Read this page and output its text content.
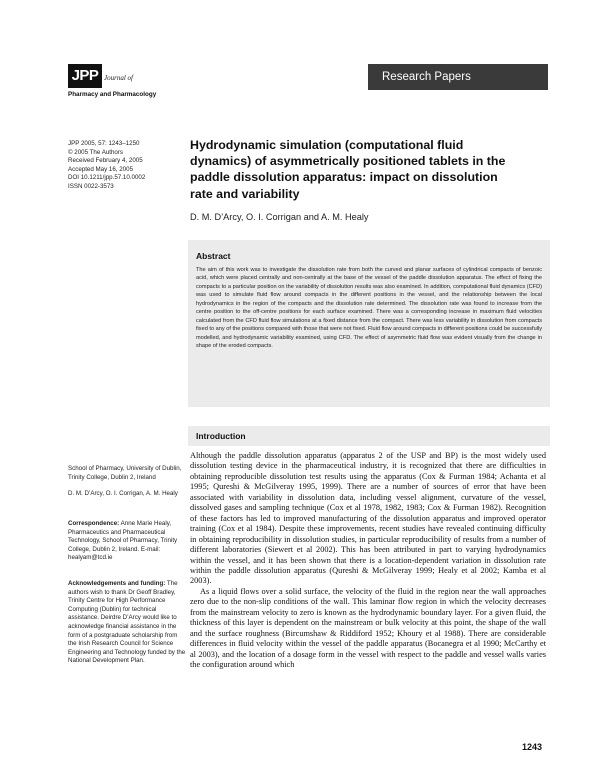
JPP Journal of
Pharmacy and Pharmacology
Research Papers
JPP 2005, 57: 1243–1250
© 2005 The Authors
Received February 4, 2005
Accepted May 16, 2005
DOI 10.1211/jpp.57.10.0002
ISSN 0022-3573
Hydrodynamic simulation (computational fluid dynamics) of asymmetrically positioned tablets in the paddle dissolution apparatus: impact on dissolution rate and variability
D. M. D’Arcy, O. I. Corrigan and A. M. Healy
Abstract
The aim of this work was to investigate the dissolution rate from both the curved and planar surfaces of cylindrical compacts of benzoic acid, which were placed centrally and non-centrally at the base of the vessel of the paddle dissolution apparatus. The effect of fixing the compacts to a particular position on the variability of dissolution results was also examined. In addition, computational fluid dynamics (CFD) was used to simulate fluid flow around compacts in the different positions in the vessel, and the relationship between the local hydrodynamics in the region of the compacts and the dissolution rate determined. The dissolution rate was found to increase from the centre position to the off-centre positions for each surface examined. There was a corresponding increase in maximum fluid velocities calculated from the CFD fluid flow simulations at a fixed distance from the compact. There was less variability in dissolution from compacts fixed to any of the positions compared with those that were not fixed. Fluid flow around compacts in different positions could be successfully modelled, and hydrodynamic variability examined, using CFD. The effect of asymmetric fluid flow was evident visually from the change in shape of the eroded compacts.
Introduction

Although the paddle dissolution apparatus (apparatus 2 of the USP and BP) is the most widely used dissolution testing device in the pharmaceutical industry, it is recognized that there are difficulties in obtaining reproducible dissolution test results using the apparatus (Cox & Furman 1984; Achanta et al 1995; Qureshi & McGilveray 1995, 1999). There are a number of sources of error that have been associated with variability in dissolution data, including vessel alignment, curvature of the vessel, dissolved gases and sampling technique (Cox et al 1978, 1982, 1983; Cox & Furman 1982). Recognition of these factors has led to improved manufacturing of the dissolution apparatus and improved operator training (Cox et al 1984). Despite these improvements, recent studies have revealed continuing difficulty in obtaining reproducibility in dissolution studies, in particular reproducibility of results from a number of different laboratories (Siewert et al 2002). This has been attributed in part to varying hydrodynamics within the vessel, and it has been shown that there is a location-dependent variation in dissolution rate within the paddle dissolution apparatus (Qureshi & McGilveray 1999; Healy et al 2002; Kamba et al 2003).

As a liquid flows over a solid surface, the velocity of the fluid in the region near the wall approaches zero due to the non-slip conditions of the wall. This laminar flow region in which the velocity decreases from the mainstream velocity to zero is known as the hydrodynamic boundary layer. For a given fluid, the thickness of this layer is dependent on the mainstream or bulk velocity at this point, the shape of the wall and the surface roughness (Bircumshaw & Riddiford 1952; Khoury et al 1988). There are considerable differences in fluid velocity within the vessel of the paddle apparatus (Bocanegra et al 1990; McCarthy et al 2003), and the location of a dosage form in the vessel with respect to the paddle and vessel walls varies the configuration around which

School of Pharmacy, University of Dublin, Trinity College, Dublin 2, Ireland
D. M. D’Arcy, O. I. Corrigan, A. M. Healy
Correspondence: Anne Marie Healy, Pharmaceutics and Pharmaceutical Technology, School of Pharmacy, Trinity College, Dublin 2, Ireland. E-mail: healyam@tcd.ie
Acknowledgements and funding: The authors wish to thank Dr Geoff Bradley, Trinity Centre for High Performance Computing (Dublin) for technical assistance. Deirdre D’Arcy would like to acknowledge financial assistance in the form of a postgraduate scholarship from the Irish Research Council for Science Engineering and Technology funded by the National Development Plan.
1243
